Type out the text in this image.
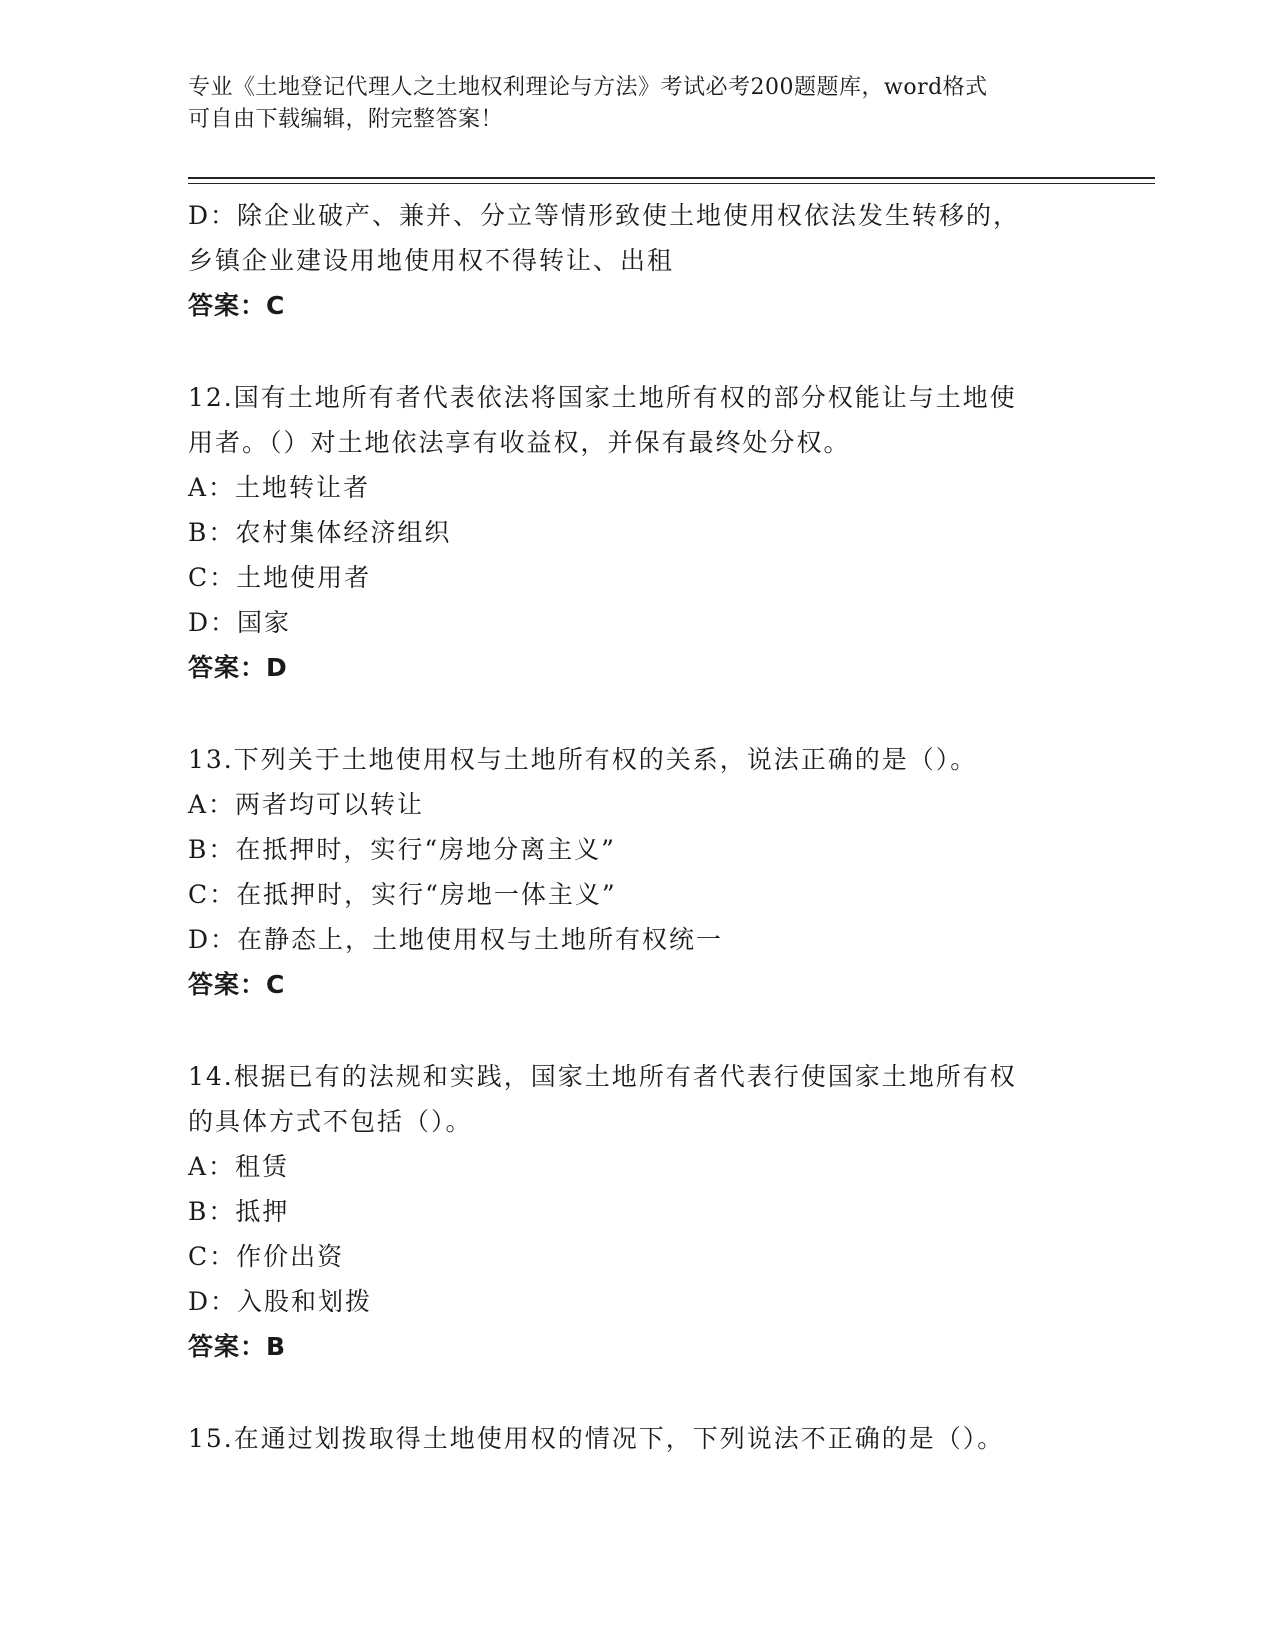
专业《土地登记代理人之土地权利理论与方法》考试必考200题题库，word格式
可自由下载编辑，附完整答案！
D：除企业破产、兼并、分立等情形致使土地使用权依法发生转移的，
乡镇企业建设用地使用权不得转让、出租
答案：C
12.国有土地所有者代表依法将国家土地所有权的部分权能让与土地使
用者。（）对土地依法享有收益权，并保有最终处分权。
A：土地转让者
B：农村集体经济组织
C：土地使用者
D：国家
答案：D
13.下列关于土地使用权与土地所有权的关系，说法正确的是（）。
A：两者均可以转让
B：在抵押时，实行“房地分离主义”
C：在抵押时，实行“房地一体主义”
D：在静态上，土地使用权与土地所有权统一
答案：C
14.根据已有的法规和实践，国家土地所有者代表行使国家土地所有权
的具体方式不包括（）。
A：租赁
B：抵押
C：作价出资
D：入股和划拨
答案：B
15.在通过划拨取得土地使用权的情况下，下列说法不正确的是（）。
